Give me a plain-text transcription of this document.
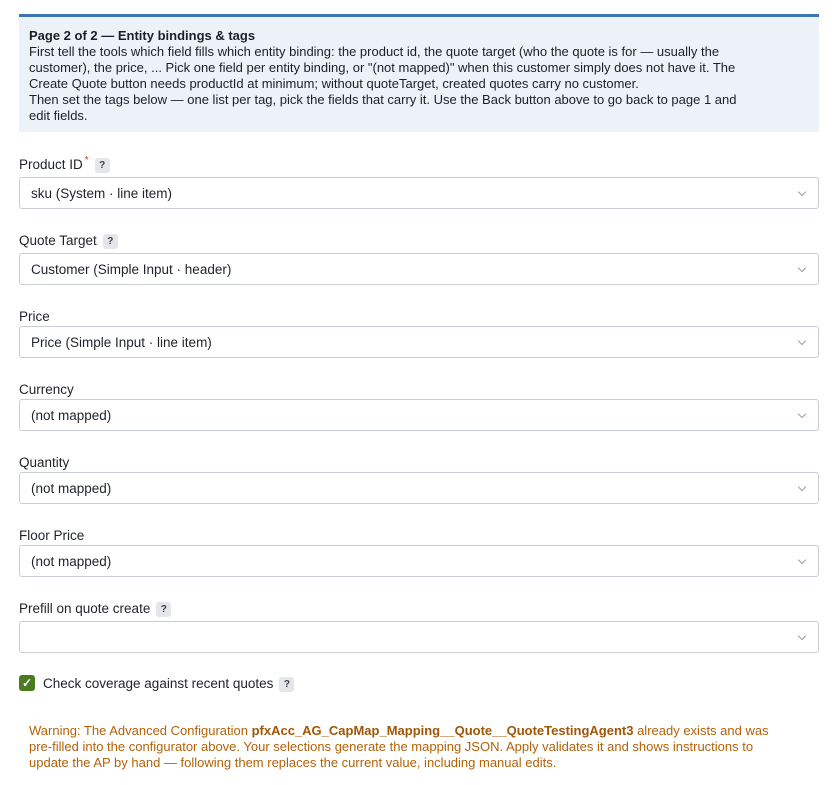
Page 2 of 2 — Entity bindings & tags
First tell the tools which field fills which entity binding: the product id, the quote target (who the quote is for — usually the
customer), the price, ... Pick one field per entity binding, or "(not mapped)" when this customer simply does not have it. The
Create Quote button needs productId at minimum; without quoteTarget, created quotes carry no customer.
Then set the tags below — one list per tag, pick the fields that carry it. Use the Back button above to go back to page 1 and
edit fields.
Product ID *	?
sku (System · line item)
Quote Target	?
Customer (Simple Input · header)
Price
Price (Simple Input · line item)
Currency
(not mapped)
Quantity
(not mapped)
Floor Price
(not mapped)
Prefill on quote create	?
✓ Check coverage against recent quotes	?
Warning: The Advanced Configuration pfxAcc_AG_CapMap_Mapping__Quote__QuoteTestingAgent3 already exists and was
pre-filled into the configurator above. Your selections generate the mapping JSON. Apply validates it and shows instructions to
update the AP by hand — following them replaces the current value, including manual edits.
